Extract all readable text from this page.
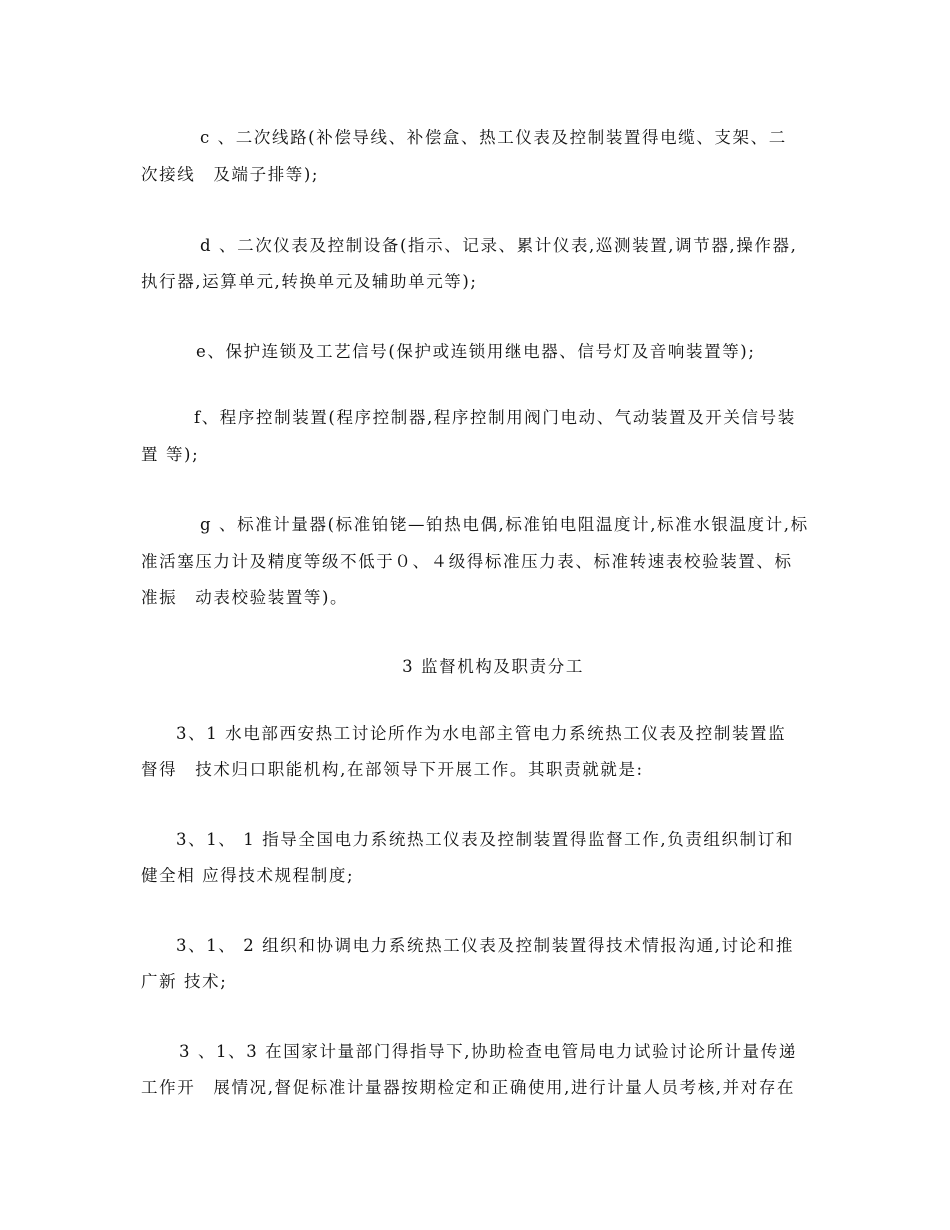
c 、二次线路(补偿导线、补偿盒、热工仪表及控制装置得电缆、支架、二
次接线　及端子排等);
d 、二次仪表及控制设备(指示、记录、累计仪表,巡测装置,调节器,操作器,
执行器,运算单元,转换单元及辅助单元等);
e、保护连锁及工艺信号(保护或连锁用继电器、信号灯及音响装置等);
f、程序控制装置(程序控制器,程序控制用阀门电动、气动装置及开关信号装
置 等);
g 、标准计量器(标准铂铑—铂热电偶,标准铂电阻温度计,标准水银温度计,标
准活塞压力计及精度等级不低于０、４级得标准压力表、标准转速表校验装置、标
准振　动表校验装置等)。
3 监督机构及职责分工
3、1 水电部西安热工讨论所作为水电部主管电力系统热工仪表及控制装置监
督得　技术归口职能机构,在部领导下开展工作。其职责就就是:
3、1、 1 指导全国电力系统热工仪表及控制装置得监督工作,负责组织制订和
健全相 应得技术规程制度;
3、1、 2 组织和协调电力系统热工仪表及控制装置得技术情报沟通,讨论和推
广新 技术;
3 、1、3 在国家计量部门得指导下,协助检查电管局电力试验讨论所计量传递
工作开　展情况,督促标准计量器按期检定和正确使用,进行计量人员考核,并对存在
